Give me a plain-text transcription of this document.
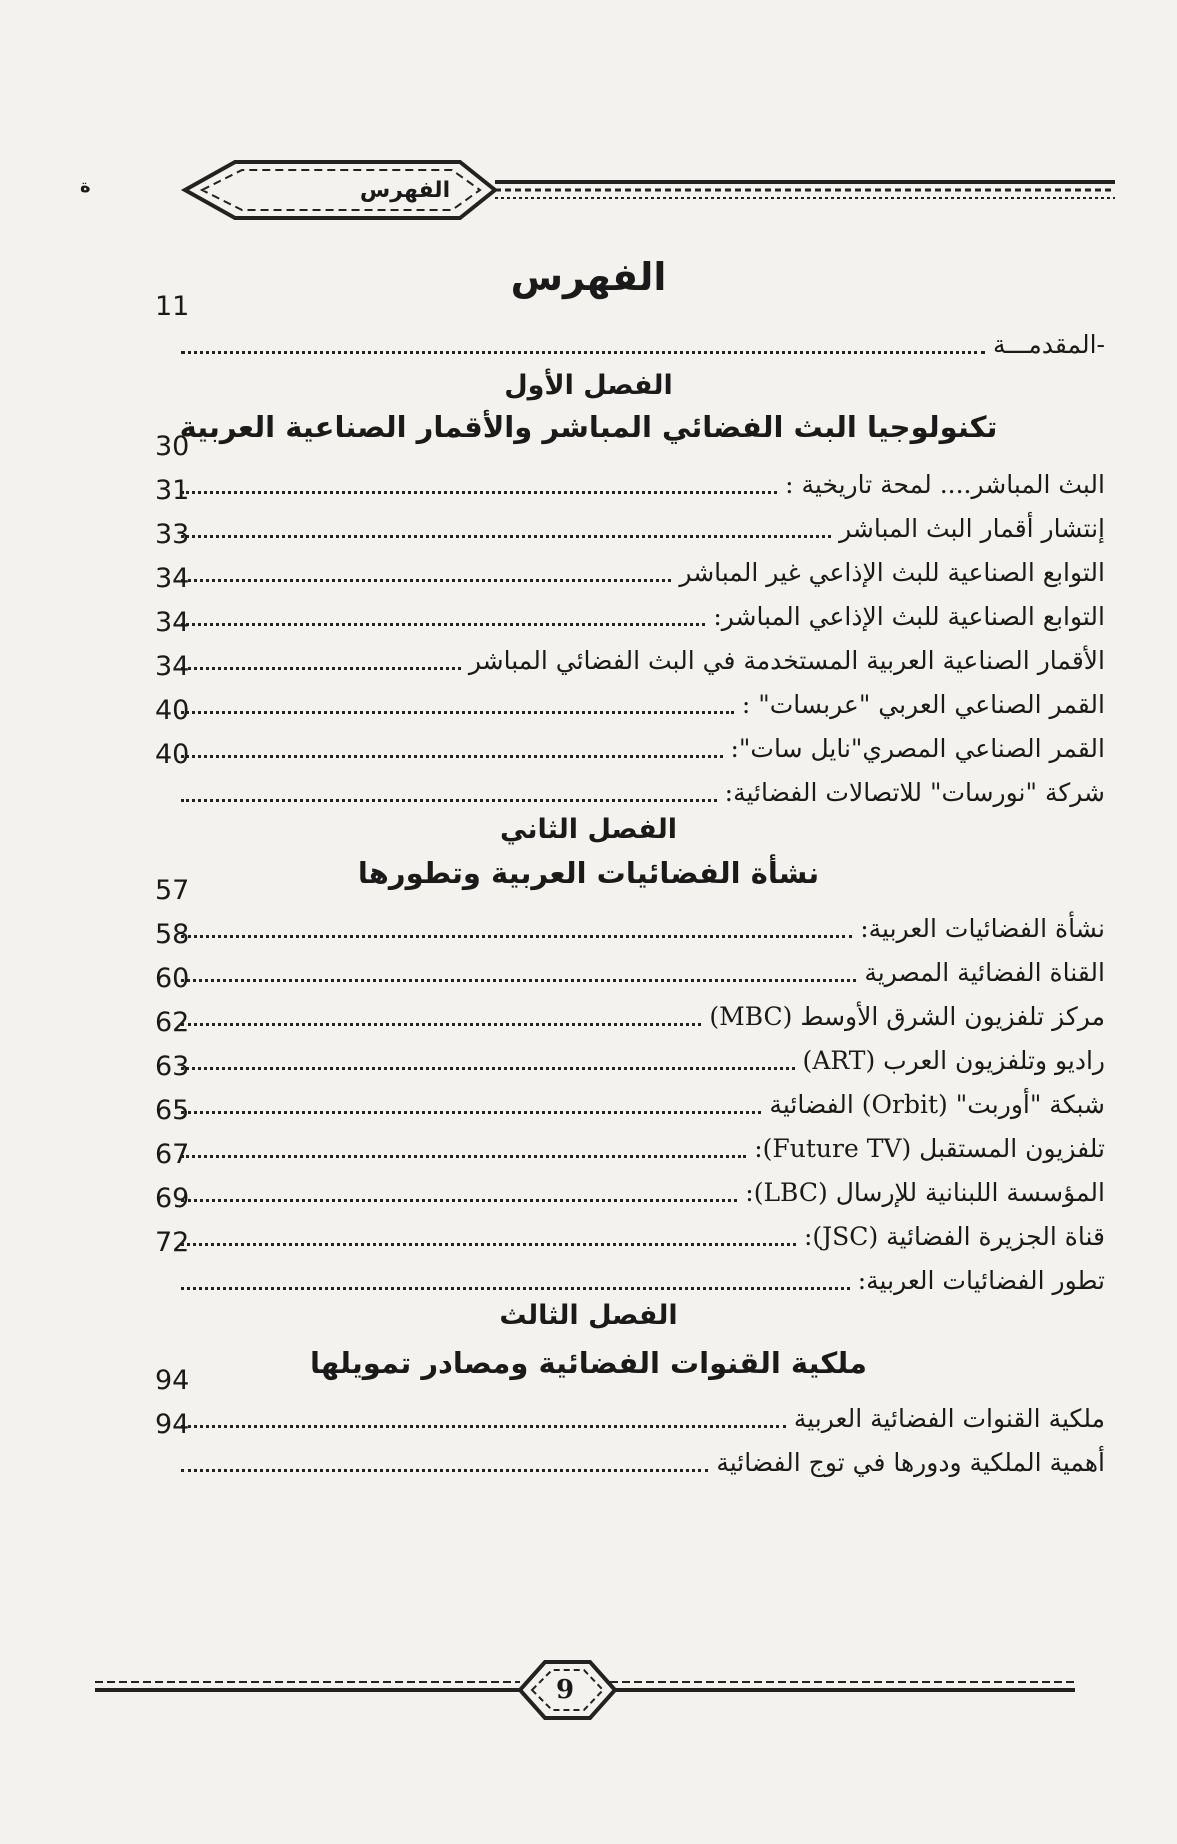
الفهرس
ة
الفهرس
-المقدمـــة
11
الفصل الأول
تكنولوجيا البث الفضائي المباشر والأقمار الصناعية العربية
البث المباشر.... لمحة تاريخية :
30
إنتشار أقمار البث المباشر
31
التوابع الصناعية للبث الإذاعي غير المباشر
33
التوابع الصناعية للبث الإذاعي المباشر:
34
الأقمار الصناعية العربية المستخدمة في البث الفضائي المباشر
34
القمر الصناعي العربي "عربسات" :
34
القمر الصناعي المصري"نايل سات":
40
شركة "نورسات" للاتصالات الفضائية:
40
الفصل الثاني
نشأة الفضائيات العربية وتطورها
نشأة الفضائيات العربية:
57
القناة الفضائية المصرية
58
مركز تلفزيون الشرق الأوسط (MBC)
60
راديو وتلفزيون العرب (ART)
62
شبكة "أوربت" (Orbit) الفضائية
63
تلفزيون المستقبل (Future TV):
65
المؤسسة اللبنانية للإرسال (LBC):
67
قناة الجزيرة الفضائية (JSC):
69
تطور الفضائيات العربية:
72
الفصل الثالث
ملكية القنوات الفضائية ومصادر تمويلها
ملكية القنوات الفضائية العربية
94
أهمية الملكية ودورها في توج الفضائية
94
9
